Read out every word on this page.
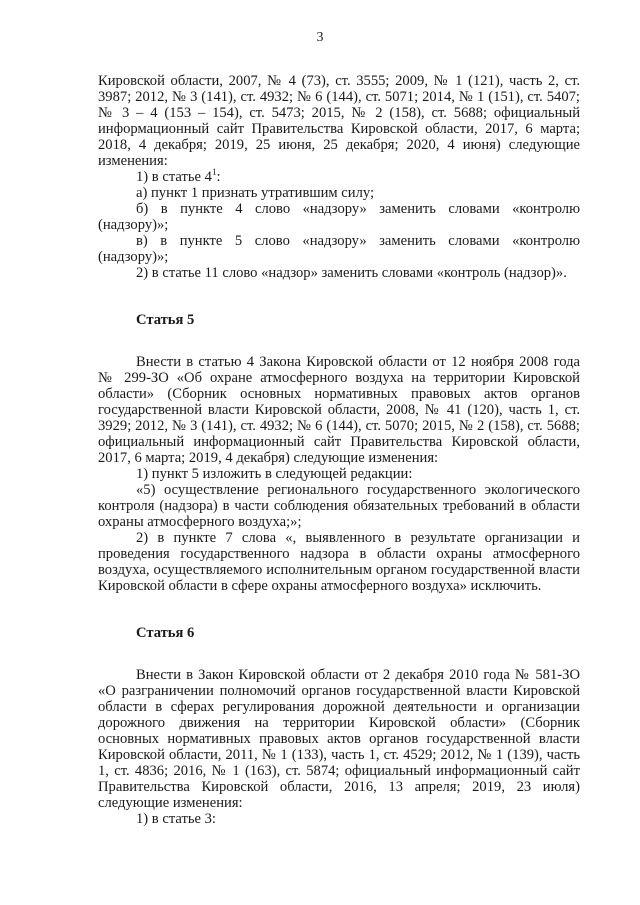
3

Кировской области, 2007, № 4 (73), ст. 3555; 2009, № 1 (121), часть 2, ст. 3987; 2012, № 3 (141), ст. 4932; № 6 (144), ст. 5071; 2014, № 1 (151), ст. 5407; № 3 – 4 (153 – 154), ст. 5473; 2015, № 2 (158), ст. 5688; официальный информационный сайт Правительства Кировской области, 2017, 6 марта; 2018, 4 декабря; 2019, 25 июня, 25 декабря; 2020, 4 июня) следующие изменения:

1) в статье $4^1$:

а) пункт 1 признать утратившим силу;

б) в пункте 4 слово «надзору» заменить словами «контролю (надзору)»;

в) в пункте 5 слово «надзору» заменить словами «контролю (надзору)»;

2) в статье 11 слово «надзор» заменить словами «контроль (надзор)».

Статья 5

Внести в статью 4 Закона Кировской области от 12 ноября 2008 года № 299-ЗО «Об охране атмосферного воздуха на территории Кировской области» (Сборник основных нормативных правовых актов органов государственной власти Кировской области, 2008, № 41 (120), часть 1, ст. 3929; 2012, № 3 (141), ст. 4932; № 6 (144), ст. 5070; 2015, № 2 (158), ст. 5688; официальный информационный сайт Правительства Кировской области, 2017, 6 марта; 2019, 4 декабря) следующие изменения:

1) пункт 5 изложить в следующей редакции:

«5) осуществление регионального государственного экологического контроля (надзора) в части соблюдения обязательных требований в области охраны атмосферного воздуха;»;

2) в пункте 7 слова «, выявленного в результате организации и проведения государственного надзора в области охраны атмосферного воздуха, осуществляемого исполнительным органом государственной власти Кировской области в сфере охраны атмосферного воздуха» исключить.

Статья 6

Внести в Закон Кировской области от 2 декабря 2010 года № 581-ЗО «О разграничении полномочий органов государственной власти Кировской области в сферах регулирования дорожной деятельности и организации дорожного движения на территории Кировской области» (Сборник основных нормативных правовых актов органов государственной власти Кировской области, 2011, № 1 (133), часть 1, ст. 4529; 2012, № 1 (139), часть 1, ст. 4836; 2016, № 1 (163), ст. 5874; официальный информационный сайт Правительства Кировской области, 2016, 13 апреля; 2019, 23 июля) следующие изменения:

1) в статье 3:
